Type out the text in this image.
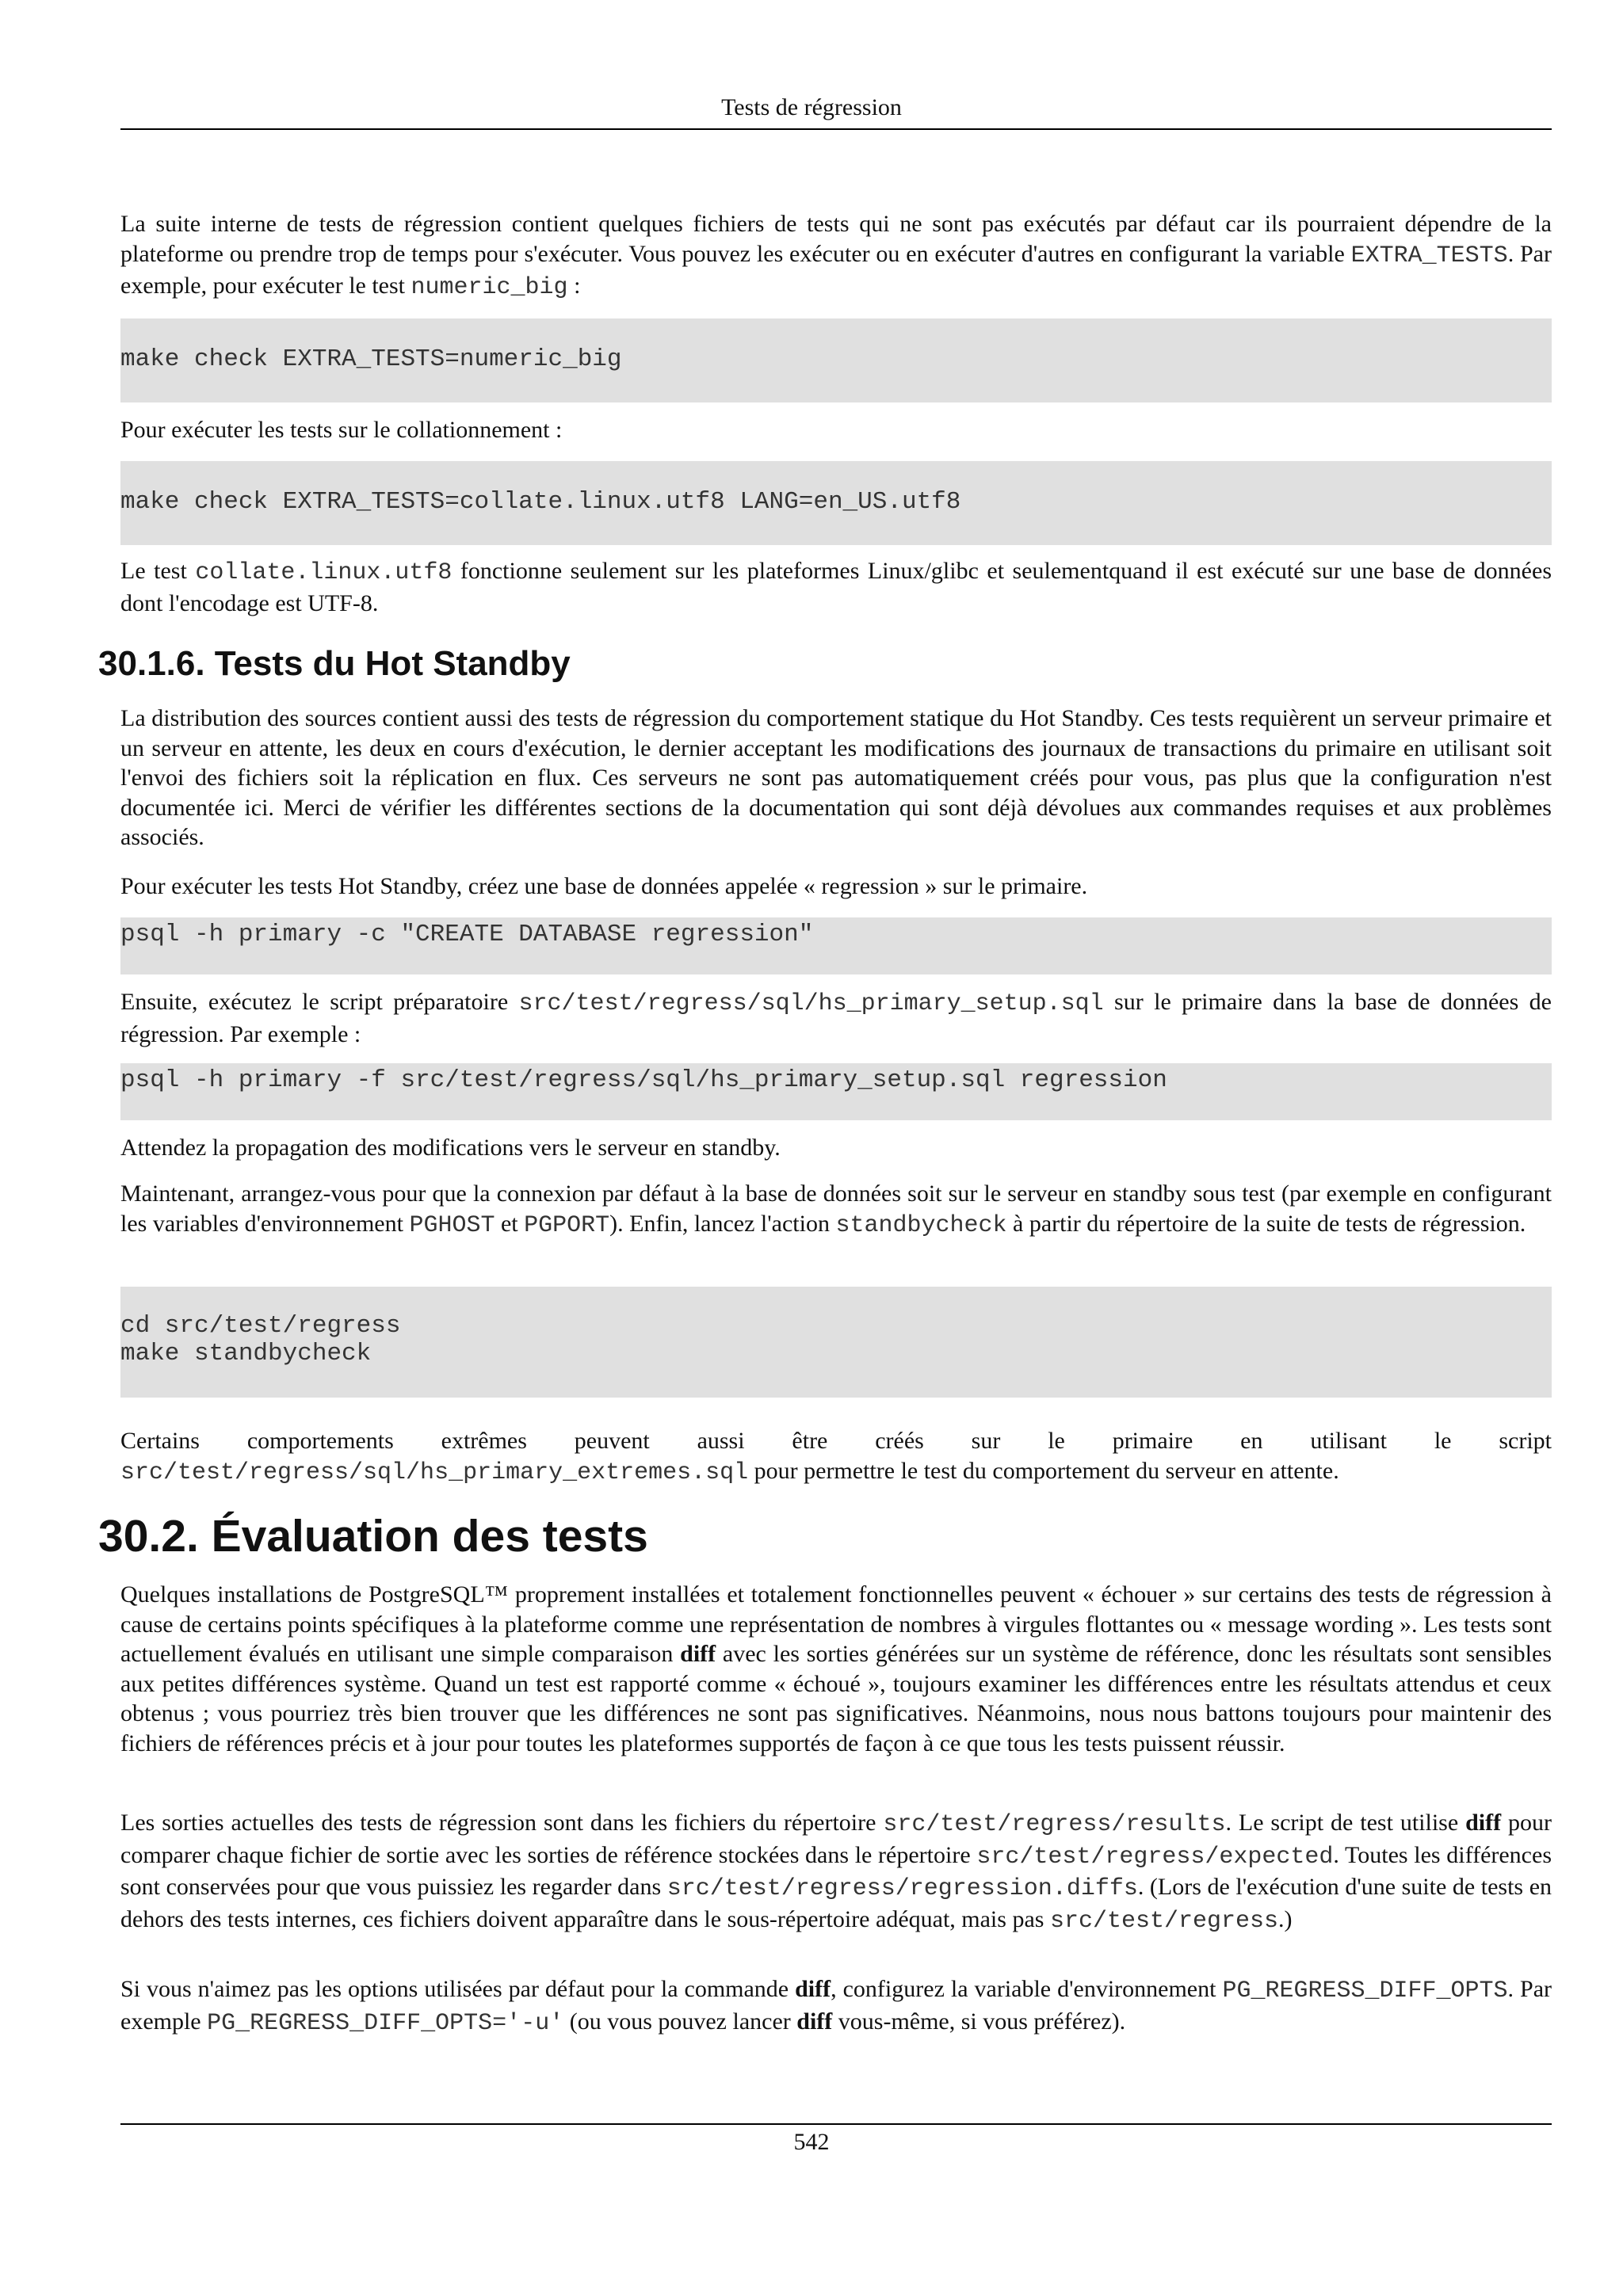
Tests de régression

La suite interne de tests de régression contient quelques fichiers de tests qui ne sont pas exécutés par défaut car ils pourraient dépendre de la plateforme ou prendre trop de temps pour s'exécuter. Vous pouvez les exécuter ou en exécuter d'autres en configurant la variable EXTRA_TESTS. Par exemple, pour exécuter le test numeric_big :

make check EXTRA_TESTS=numeric_big

Pour exécuter les tests sur le collationnement :

make check EXTRA_TESTS=collate.linux.utf8 LANG=en_US.utf8

Le test collate.linux.utf8 fonctionne seulement sur les plateformes Linux/glibc et seulementquand il est exécuté sur une base de données dont l'encodage est UTF-8.

30.1.6. Tests du Hot Standby

La distribution des sources contient aussi des tests de régression du comportement statique du Hot Standby. Ces tests requièrent un serveur primaire et un serveur en attente, les deux en cours d'exécution, le dernier acceptant les modifications des journaux de transactions du primaire en utilisant soit l'envoi des fichiers soit la réplication en flux. Ces serveurs ne sont pas automatiquement créés pour vous, pas plus que la configuration n'est documentée ici. Merci de vérifier les différentes sections de la documentation qui sont déjà dévolues aux commandes requises et aux problèmes associés.

Pour exécuter les tests Hot Standby, créez une base de données appelée « regression » sur le primaire.

psql -h primary -c "CREATE DATABASE regression"

Ensuite, exécutez le script préparatoire src/test/regress/sql/hs_primary_setup.sql sur le primaire dans la base de données de régression. Par exemple :

psql -h primary -f src/test/regress/sql/hs_primary_setup.sql regression

Attendez la propagation des modifications vers le serveur en standby.

Maintenant, arrangez-vous pour que la connexion par défaut à la base de données soit sur le serveur en standby sous test (par exemple en configurant les variables d'environnement PGHOST et PGPORT). Enfin, lancez l'action standbycheck à partir du répertoire de la suite de tests de régression.

cd src/test/regress
make standbycheck

Certains comportements extrêmes peuvent aussi être créés sur le primaire en utilisant le script src/test/regress/sql/hs_primary_extremes.sql pour permettre le test du comportement du serveur en attente.

30.2. Évaluation des tests

Quelques installations de PostgreSQL™ proprement installées et totalement fonctionnelles peuvent « échouer » sur certains des tests de régression à cause de certains points spécifiques à la plateforme comme une représentation de nombres à virgules flottantes ou « message wording ». Les tests sont actuellement évalués en utilisant une simple comparaison diff avec les sorties générées sur un système de référence, donc les résultats sont sensibles aux petites différences système. Quand un test est rapporté comme « échoué », toujours examiner les différences entre les résultats attendus et ceux obtenus ; vous pourriez très bien trouver que les différences ne sont pas significatives. Néanmoins, nous nous battons toujours pour maintenir des fichiers de références précis et à jour pour toutes les plateformes supportés de façon à ce que tous les tests puissent réussir.

Les sorties actuelles des tests de régression sont dans les fichiers du répertoire src/test/regress/results. Le script de test utilise diff pour comparer chaque fichier de sortie avec les sorties de référence stockées dans le répertoire src/test/regress/expected. Toutes les différences sont conservées pour que vous puissiez les regarder dans src/test/regress/regression.diffs. (Lors de l'exécution d'une suite de tests en dehors des tests internes, ces fichiers doivent apparaître dans le sous-répertoire adéquat, mais pas src/test/regress.)

Si vous n'aimez pas les options utilisées par défaut pour la commande diff, configurez la variable d'environnement PG_REGRESS_DIFF_OPTS. Par exemple PG_REGRESS_DIFF_OPTS='-u' (ou vous pouvez lancer diff vous-même, si vous préférez).

542
